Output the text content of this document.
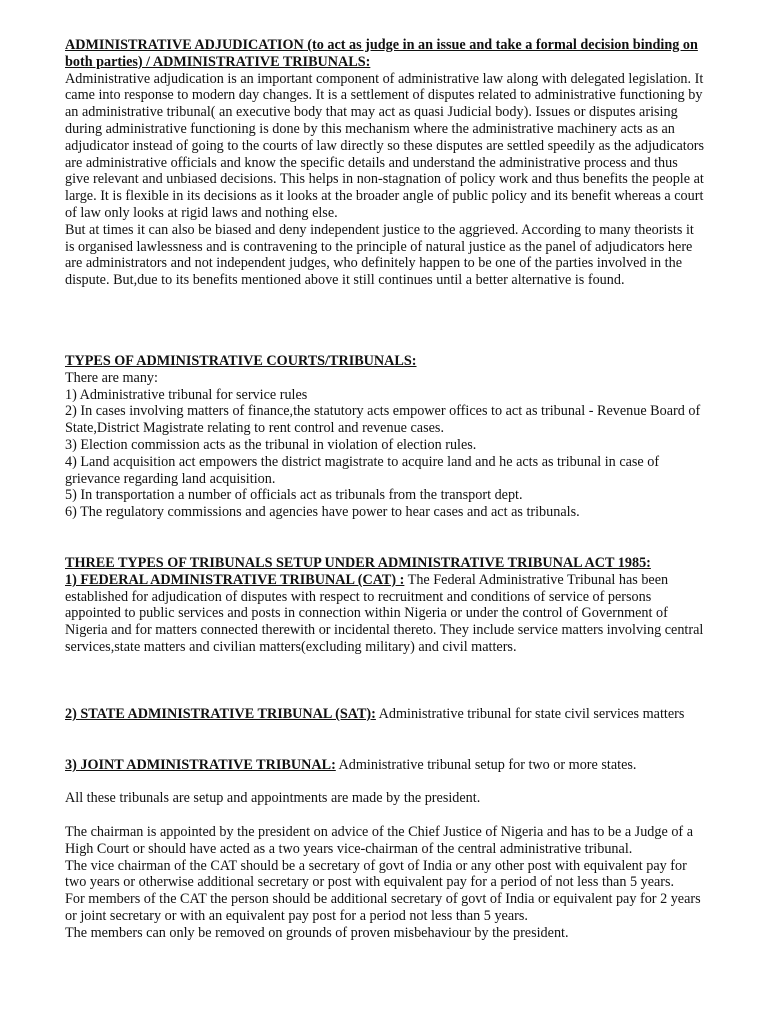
ADMINISTRATIVE ADJUDICATION (to act as judge in an issue and take a formal decision binding on both parties) / ADMINISTRATIVE TRIBUNALS:

Administrative adjudication is an important component of administrative law along with delegated legislation. It came into response to modern day changes. It is a settlement of disputes related to administrative functioning by an administrative tribunal( an executive body that may act as quasi Judicial body). Issues or disputes arising during administrative functioning is done by this mechanism where the administrative machinery acts as an adjudicator instead of going to the courts of law directly so these disputes are settled speedily as the adjudicators are administrative officials and know the specific details and understand the administrative process and thus give relevant and unbiased decisions. This helps in non-stagnation of policy work and thus benefits the people at large. It is flexible in its decisions as it looks at the broader angle of public policy and its benefit whereas a court of law only looks at rigid laws and nothing else.

But at times it can also be biased and deny independent justice to the aggrieved. According to many theorists it is organised lawlessness and is contravening to the principle of natural justice as the panel of adjudicators here are administrators and not independent judges, who definitely happen to be one of the parties involved in the dispute. But,due to its benefits mentioned above it still continues until a better alternative is found.

TYPES OF ADMINISTRATIVE COURTS/TRIBUNALS:

There are many:

1) Administrative tribunal for service rules

2) In cases involving matters of finance,the statutory acts empower offices to act as tribunal - Revenue Board of State,District Magistrate relating to rent control and revenue cases.

3) Election commission acts as the tribunal in violation of election rules.

4) Land acquisition act empowers the district magistrate to acquire land and he acts as tribunal in case of grievance regarding land acquisition.

5) In transportation a number of officials act as tribunals from the transport dept.

6) The regulatory commissions and agencies have power to hear cases and act as tribunals.

THREE TYPES OF TRIBUNALS SETUP UNDER ADMINISTRATIVE TRIBUNAL ACT 1985:

1) FEDERAL ADMINISTRATIVE TRIBUNAL (CAT) : The Federal Administrative Tribunal has been established for adjudication of disputes with respect to recruitment and conditions of service of persons appointed to public services and posts in connection within Nigeria or under the control of Government of Nigeria and for matters connected therewith or incidental thereto. They include service matters involving central services,state matters and civilian matters(excluding military) and civil matters.

2) STATE ADMINISTRATIVE TRIBUNAL (SAT): Administrative tribunal for state civil services matters

3) JOINT ADMINISTRATIVE TRIBUNAL: Administrative tribunal setup for two or more states.

All these tribunals are setup and appointments are made by the president.

The chairman is appointed by the president on advice of the Chief Justice of Nigeria and has to be a Judge of a High Court or should have acted as a two years vice-chairman of the central administrative tribunal.

The vice chairman of the CAT should be a secretary of govt of India or any other post with equivalent pay for two years or otherwise additional secretary or post with equivalent pay for a period of not less than 5 years.

For members of the CAT the person should be additional secretary of govt of India or equivalent pay for 2 years or joint secretary or with an equivalent pay post for a period not less than 5 years.

The members can only be removed on grounds of proven misbehaviour by the president.
